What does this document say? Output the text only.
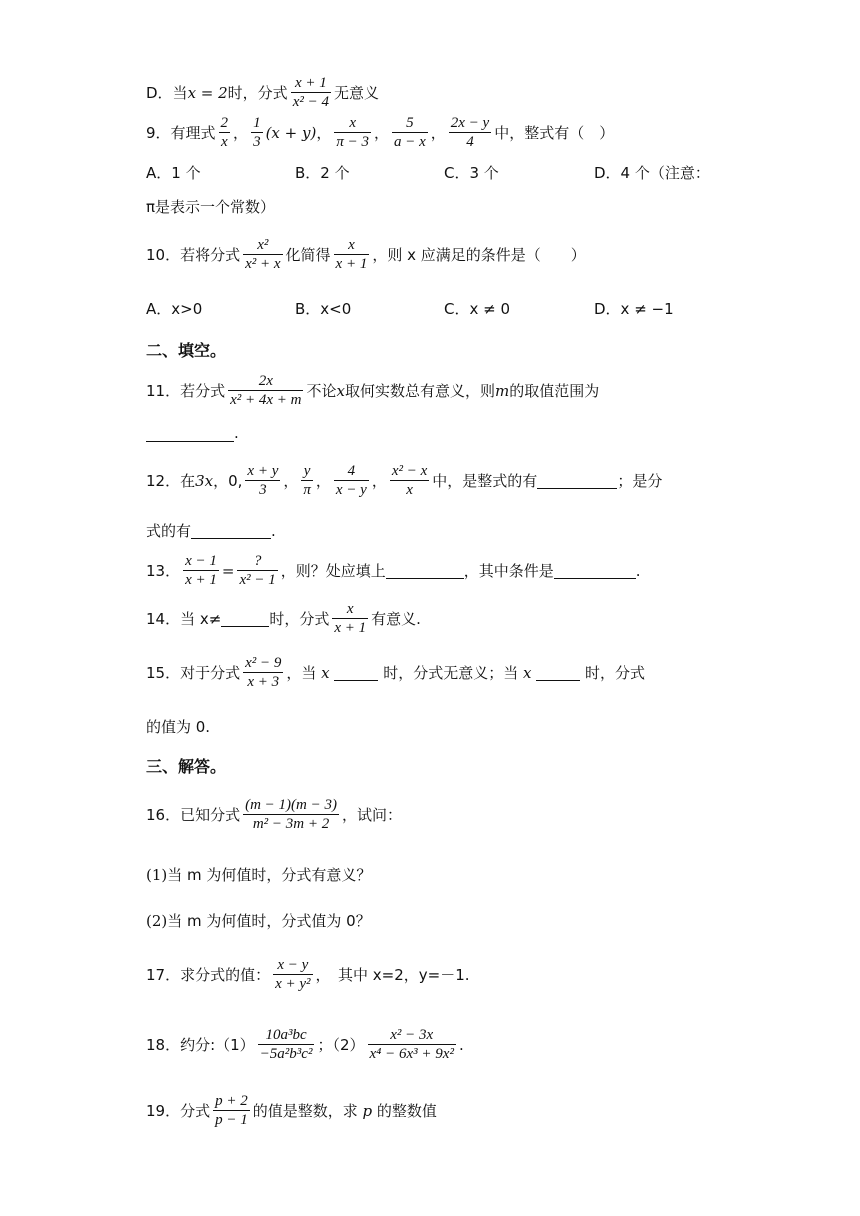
D．当 x = 2 时，分式
x + 1
x² − 4 无意义
9．有理式
2
x ，
1
3
(x + y) ，
x
π − 3 ，
5
a − x ，
2x − y
4 中，整式有（　）
A．1 个	B．2 个	C．3 个	D．4 个（注意：
π是表示一个常数）
10．若将分式
x²
x² + x 化简得
x
x + 1 ，则 x 应满足的条件是（　　）
A．x>0	B．x<0	C．x ≠ 0	D．x ≠ −1
二、填空。
11．若分式
2x
x² + 4x + m 不论 x 取何实数总有意义，则 m 的取值范围为
.
12．在 3x ，0,
x + y
3 ，
y
π ，
4
x − y ，
x² − x
x 中，是整式的有	；是分
式的有	.
13．
x − 1
x + 1
=
?
x² − 1 ，则？处应填上	，其中条件是	.
14．当 x≠	时，分式
x
x + 1 有意义.
15．对于分式
x² − 9
x + 3 ，当
x

	时，分式无意义；当
x

	时，分式
的值为 0.
三、解答。
16．已知分式
(m − 1)(m − 3)
m² − 3m + 2 ，试问：
(1) 当 m 为何值时，分式有意义？
(2) 当 m 为何值时，分式值为 0？
17．求分式的值：
x − y
x + y² ，　其中 x=2，y=－1.
18．约分:（1）
10a³bc
−5a²b³c² ；（2）
x² − 3x
x⁴ − 6x³ + 9x²
.
19．分式
p + 2
p − 1 的值是整数，求
p
的整数值
